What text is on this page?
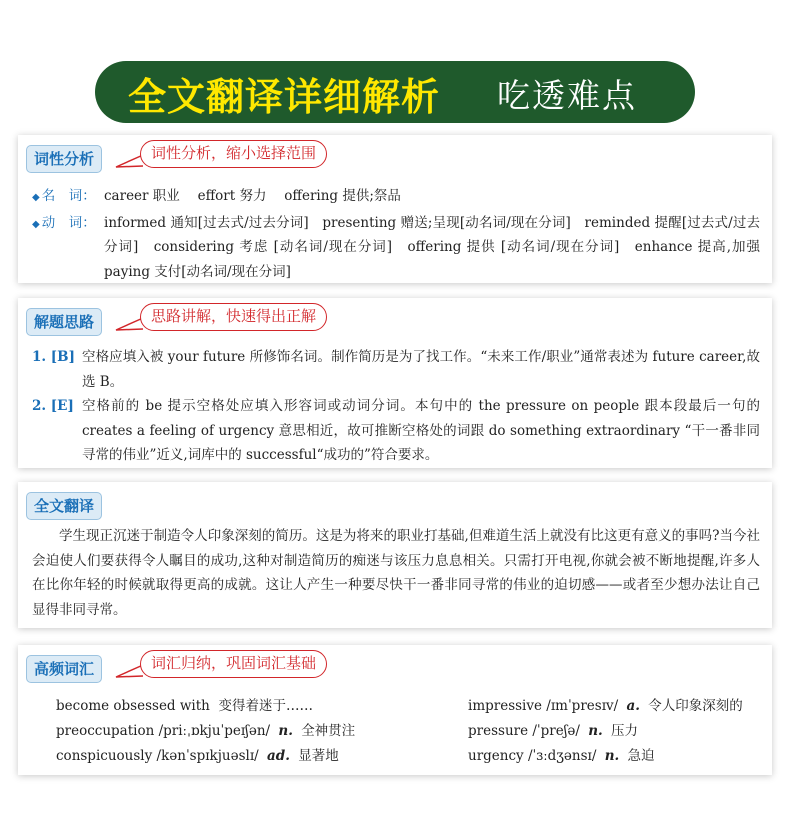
全文翻译详细解析 吃透难点
词性分析	词性分析，缩小选择范围
◆ 名　词： career 职业　 effort 努力　 offering 提供;祭品
◆ 动　词： informed 通知[过去式/过去分词]　presenting 赠送;呈现[动名词/现在分词]　reminded 提醒[过去式/过去分词]　considering 考虑 [动名词/现在分词]　offering 提供 [动名词/现在分词]　enhance 提高,加强　paying 支付[动名词/现在分词]
解题思路	思路讲解，快速得出正解
1. [B] 空格应填入被 your future 所修饰名词。制作简历是为了找工作。“未来工作/职业”通常表述为 future career,故选 B。
2. [E] 空格前的 be 提示空格处应填入形容词或动词分词。本句中的 the pressure on people 跟本段最后一句的 creates a feeling of urgency 意思相近，故可推断空格处的词跟 do something extraordinary “干一番非同寻常的伟业”近义,词库中的 successful“成功的”符合要求。
全文翻译

学生现正沉迷于制造令人印象深刻的简历。这是为将来的职业打基础,但难道生活上就没有比这更有意义的事吗?当今社会迫使人们要获得令人瞩目的成功,这种对制造简历的痴迷与该压力息息相关。只需打开电视,你就会被不断地提醒,许多人在比你年轻的时候就取得更高的成就。这让人产生一种要尽快干一番非同寻常的伟业的迫切感——或者至少想办法让自己显得非同寻常。

高频词汇	词汇归纳，巩固词汇基础
become obsessed with 变得着迷于……
preoccupation /priːˌɒkjuˈpeɪʃən/ n. 全神贯注
conspicuously /kənˈspɪkjuəslɪ/ ad. 显著地
impressive /ɪmˈpresɪv/ a. 令人印象深刻的
pressure /ˈpreʃə/ n. 压力
urgency /ˈɜːdʒənsɪ/ n. 急迫
